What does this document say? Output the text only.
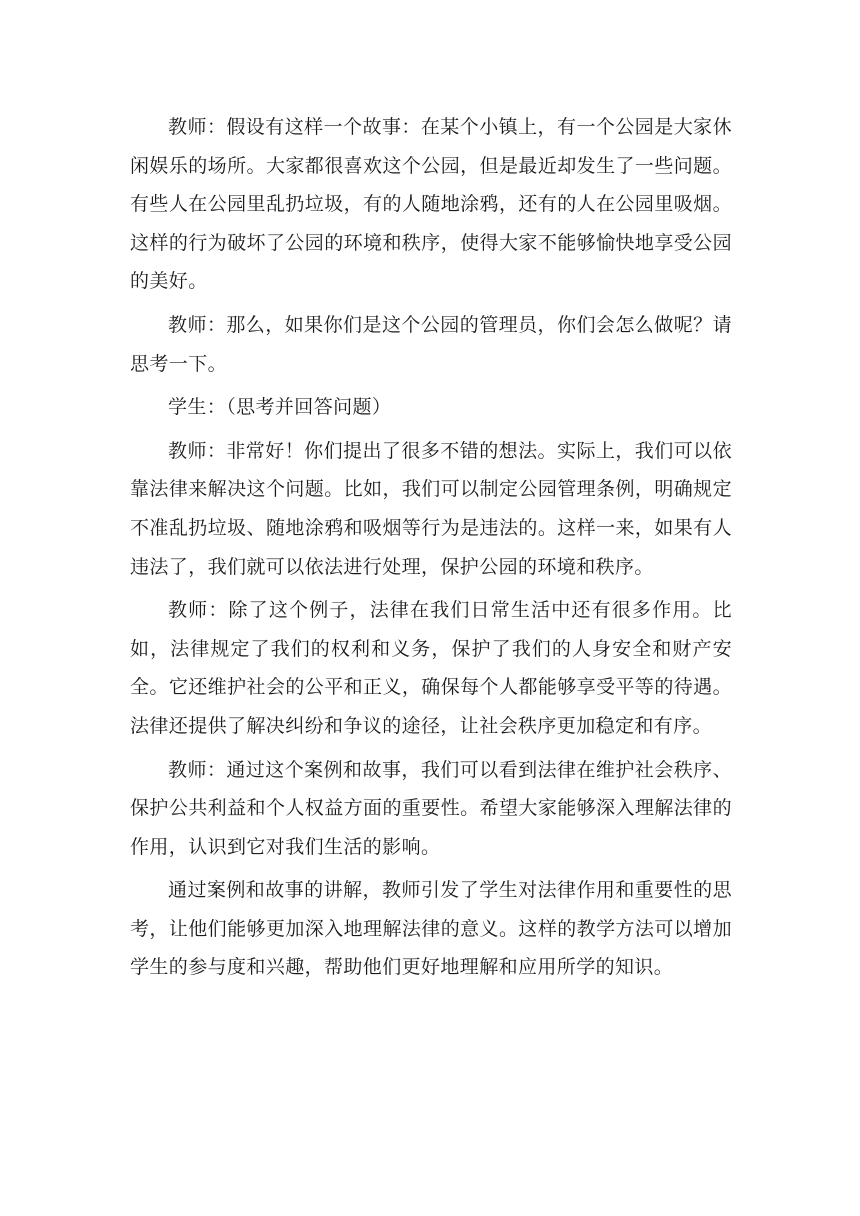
教师：假设有这样一个故事：在某个小镇上，有一个公园是大家休闲娱乐的场所。大家都很喜欢这个公园，但是最近却发生了一些问题。有些人在公园里乱扔垃圾，有的人随地涂鸦，还有的人在公园里吸烟。这样的行为破坏了公园的环境和秩序，使得大家不能够愉快地享受公园的美好。

教师：那么，如果你们是这个公园的管理员，你们会怎么做呢？请思考一下。

学生：（思考并回答问题）

教师：非常好！你们提出了很多不错的想法。实际上，我们可以依靠法律来解决这个问题。比如，我们可以制定公园管理条例，明确规定不准乱扔垃圾、随地涂鸦和吸烟等行为是违法的。这样一来，如果有人违法了，我们就可以依法进行处理，保护公园的环境和秩序。

教师：除了这个例子，法律在我们日常生活中还有很多作用。比如，法律规定了我们的权利和义务，保护了我们的人身安全和财产安全。它还维护社会的公平和正义，确保每个人都能够享受平等的待遇。法律还提供了解决纠纷和争议的途径，让社会秩序更加稳定和有序。

教师：通过这个案例和故事，我们可以看到法律在维护社会秩序、保护公共利益和个人权益方面的重要性。希望大家能够深入理解法律的作用，认识到它对我们生活的影响。

通过案例和故事的讲解，教师引发了学生对法律作用和重要性的思考，让他们能够更加深入地理解法律的意义。这样的教学方法可以增加学生的参与度和兴趣，帮助他们更好地理解和应用所学的知识。
